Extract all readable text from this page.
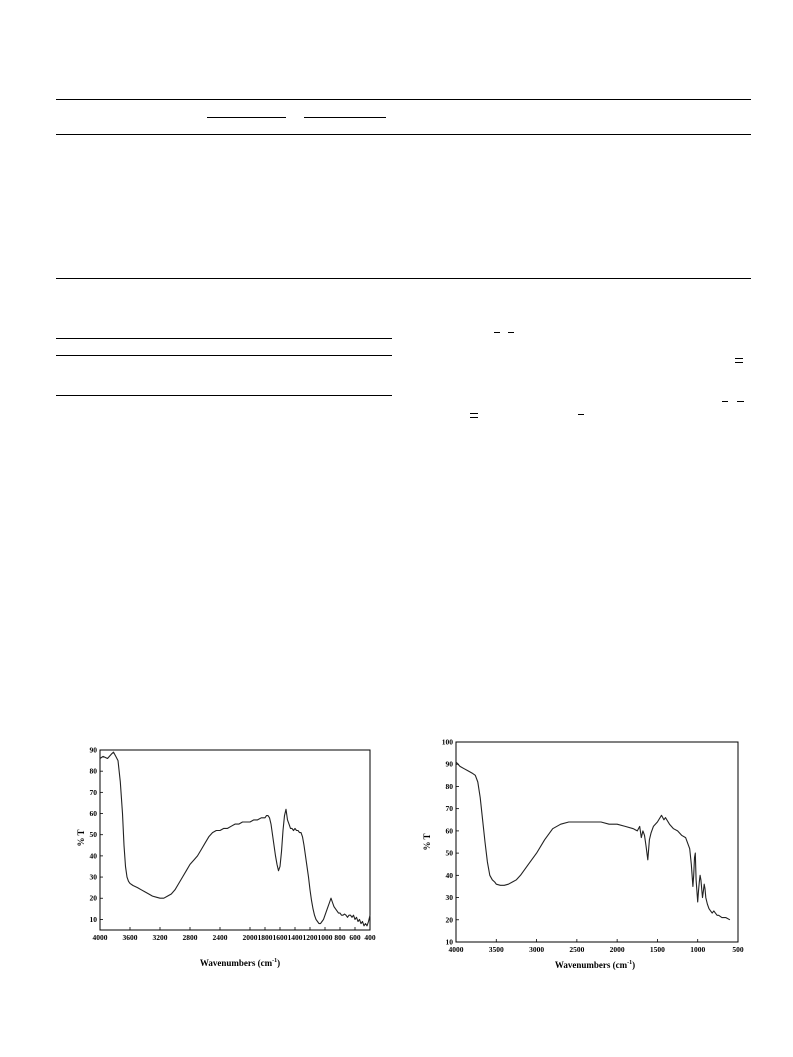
4000 3600 3200 2800 2400 2000 1800 1600 1400 1200 1000 800 600 400
10
20
30
40
50
60
70
80
90
% T
Wavenumbers $(cm^{-1})$
4000	3500	3000	2500	2000	1500	1000	500
10
20
30
40
50
60
70
80
90
100
% T
Wavenumbers $(cm^{-1})$
